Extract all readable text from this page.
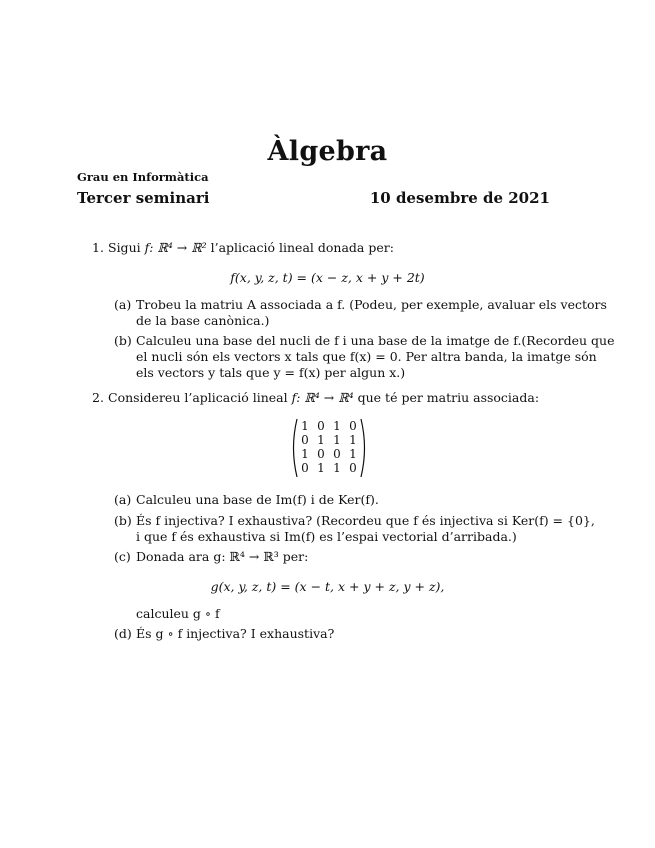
Àlgebra
Grau en Informàtica
Tercer seminari	10 desembre de 2021
1. Sigui f: ℝ⁴ → ℝ² l’aplicació lineal donada per:
f(x, y, z, t) = (x − z, x + y + 2t)
(a) Trobeu la matriu A associada a f. (Podeu, per exemple, avaluar els vectors
de la base canònica.)
(b) Calculeu una base del nucli de f i una base de la imatge de f.(Recordeu que
el nucli són els vectors x tals que f(x) = 0. Per altra banda, la imatge són
els vectors y tals que y = f(x) per algun x.)
2. Considereu l’aplicació lineal f: ℝ⁴ → ℝ⁴ que té per matriu associada:
1	0	1	0
0	1	1	1
1	0	0	1
0	1	1	0
(a) Calculeu una base de Im(f) i de Ker(f).
(b) És f injectiva? I exhaustiva? (Recordeu que f és injectiva si Ker(f) = {0},
i que f és exhaustiva si Im(f) es l’espai vectorial d’arribada.)
(c) Donada ara g: ℝ⁴ → ℝ³ per:
g(x, y, z, t) = (x − t, x + y + z, y + z),
calculeu g ∘ f
(d) És g ∘ f injectiva? I exhaustiva?
